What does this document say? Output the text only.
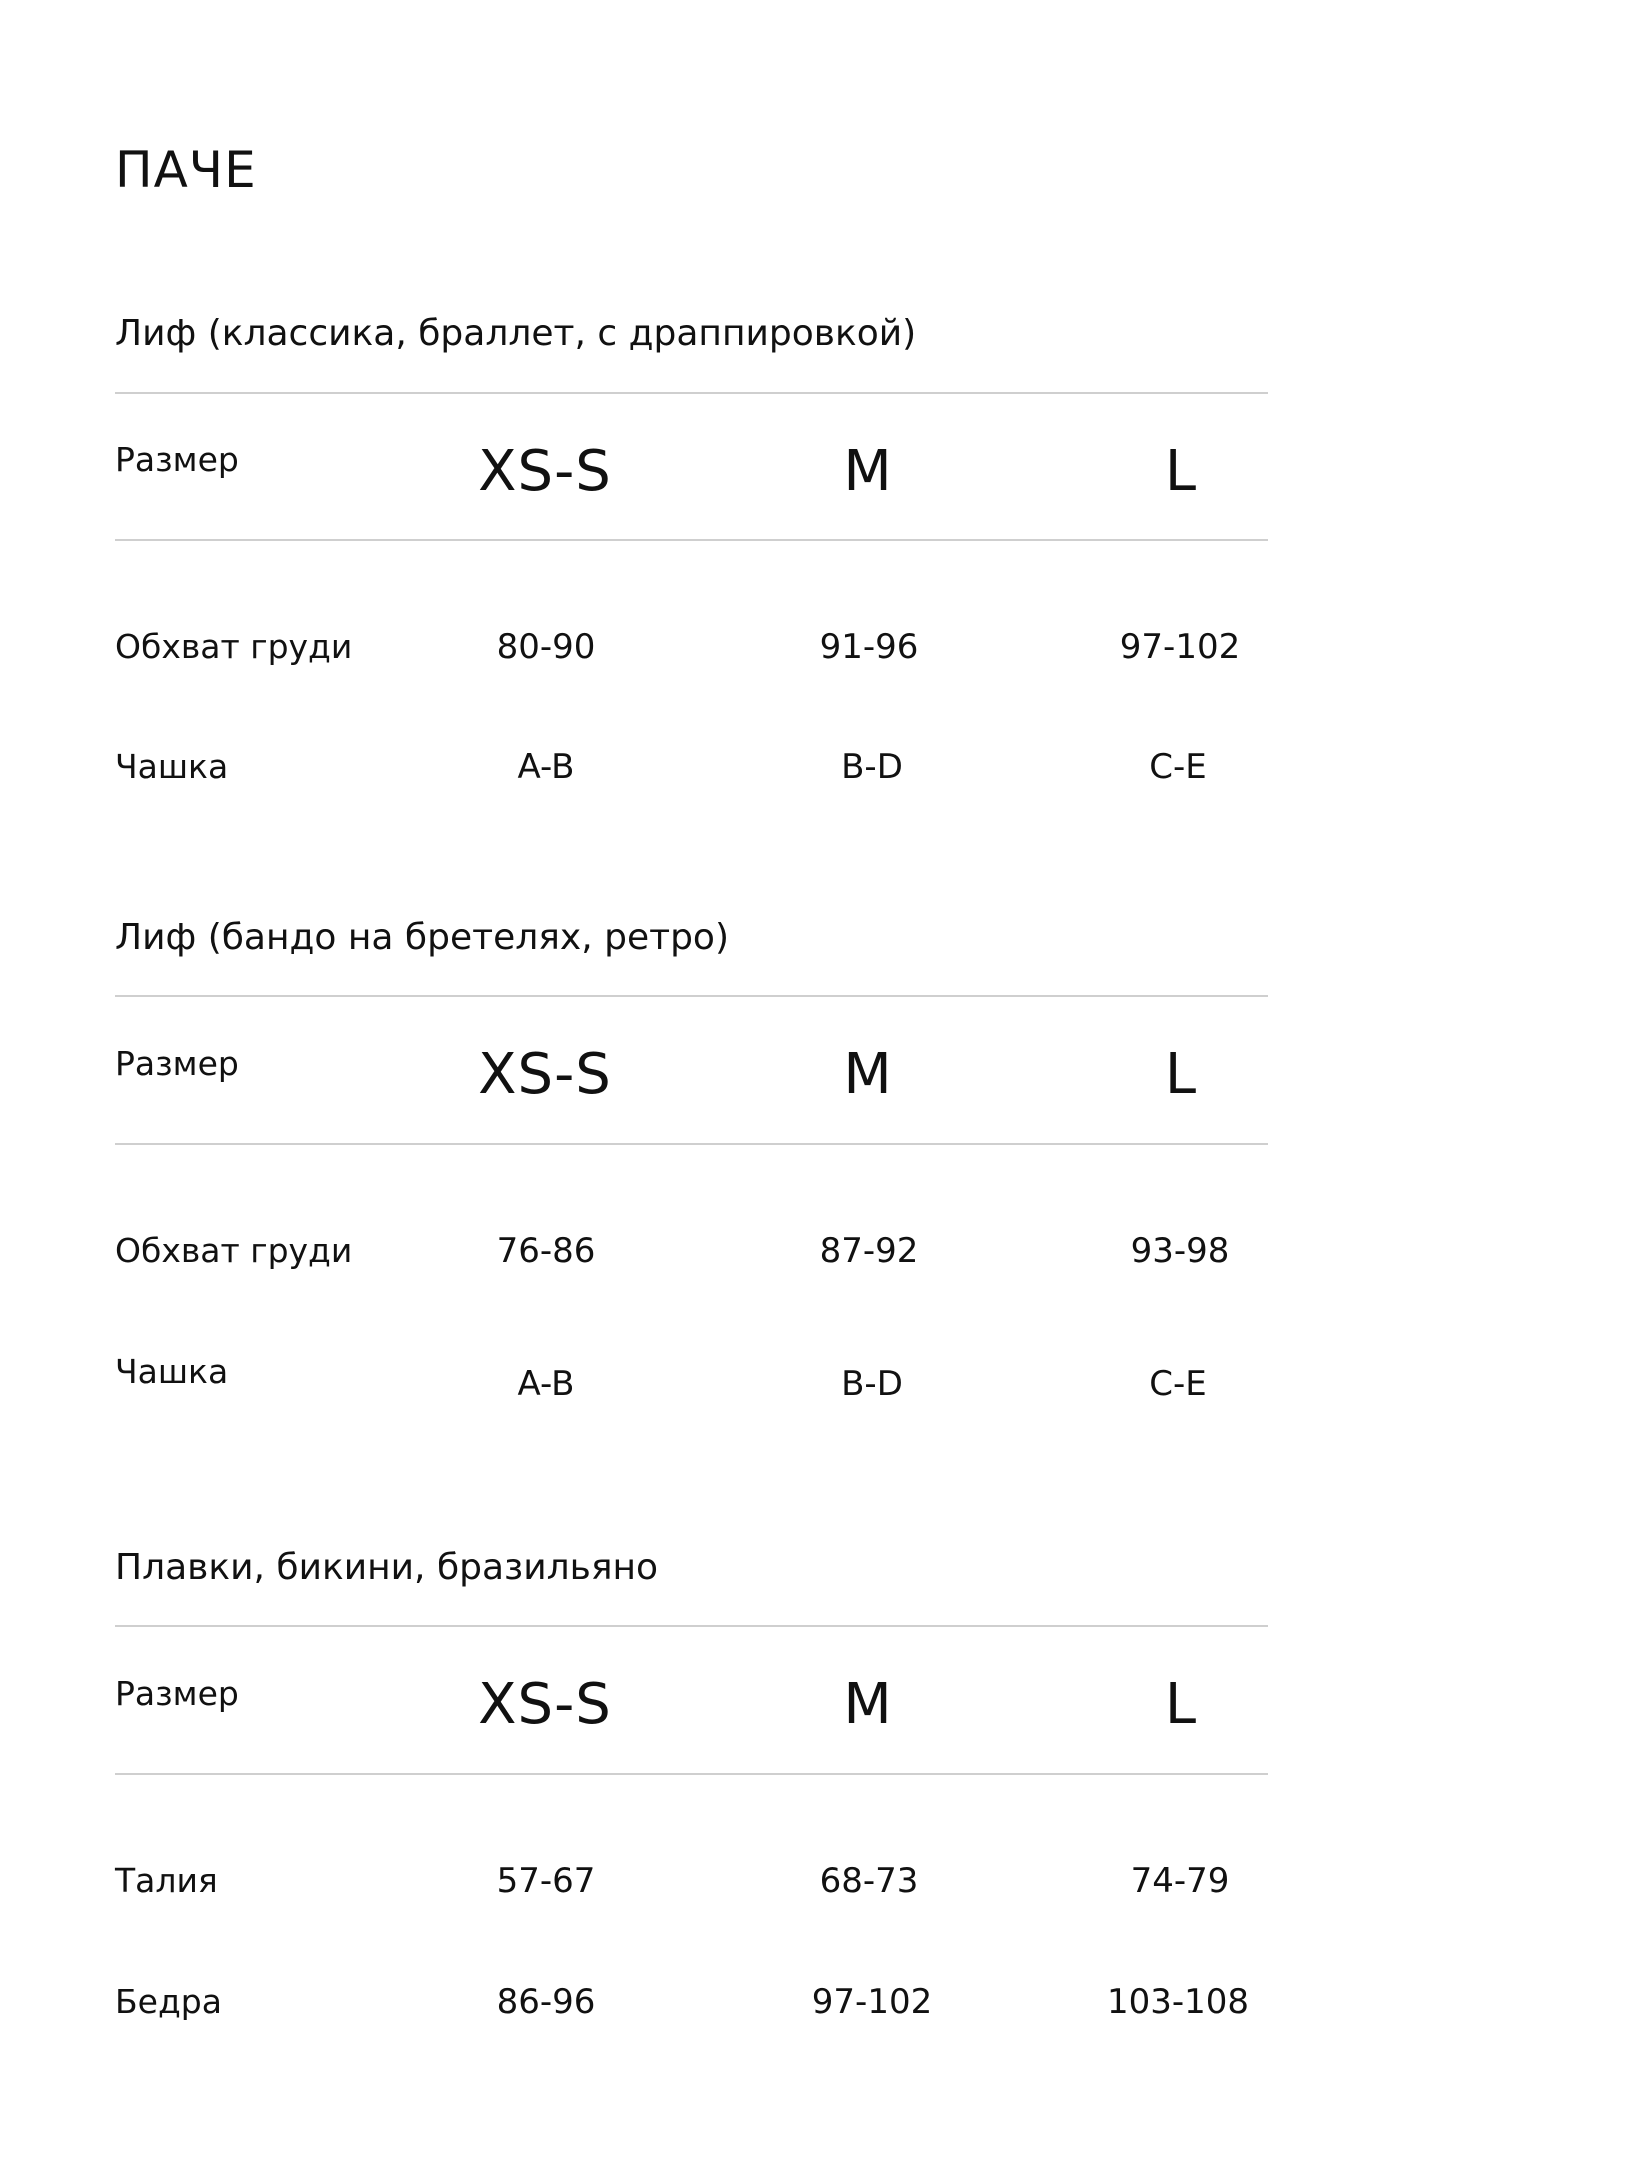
ПАЧЕ
Лиф (классика, браллет, с драппировкой)
Размер	XS-S	M	L
Обхват груди	80-90	91-96	97-102
Чашка	A-B	B-D	C-E
Лиф (бандо на бретелях, ретро)
Размер	XS-S	M	L
Обхват груди	76-86	87-92	93-98
Чашка	A-B	B-D	C-E
Плавки, бикини, бразильяно
Размер	XS-S	M	L
Талия	57-67	68-73	74-79
Бедра	86-96	97-102	103-108
